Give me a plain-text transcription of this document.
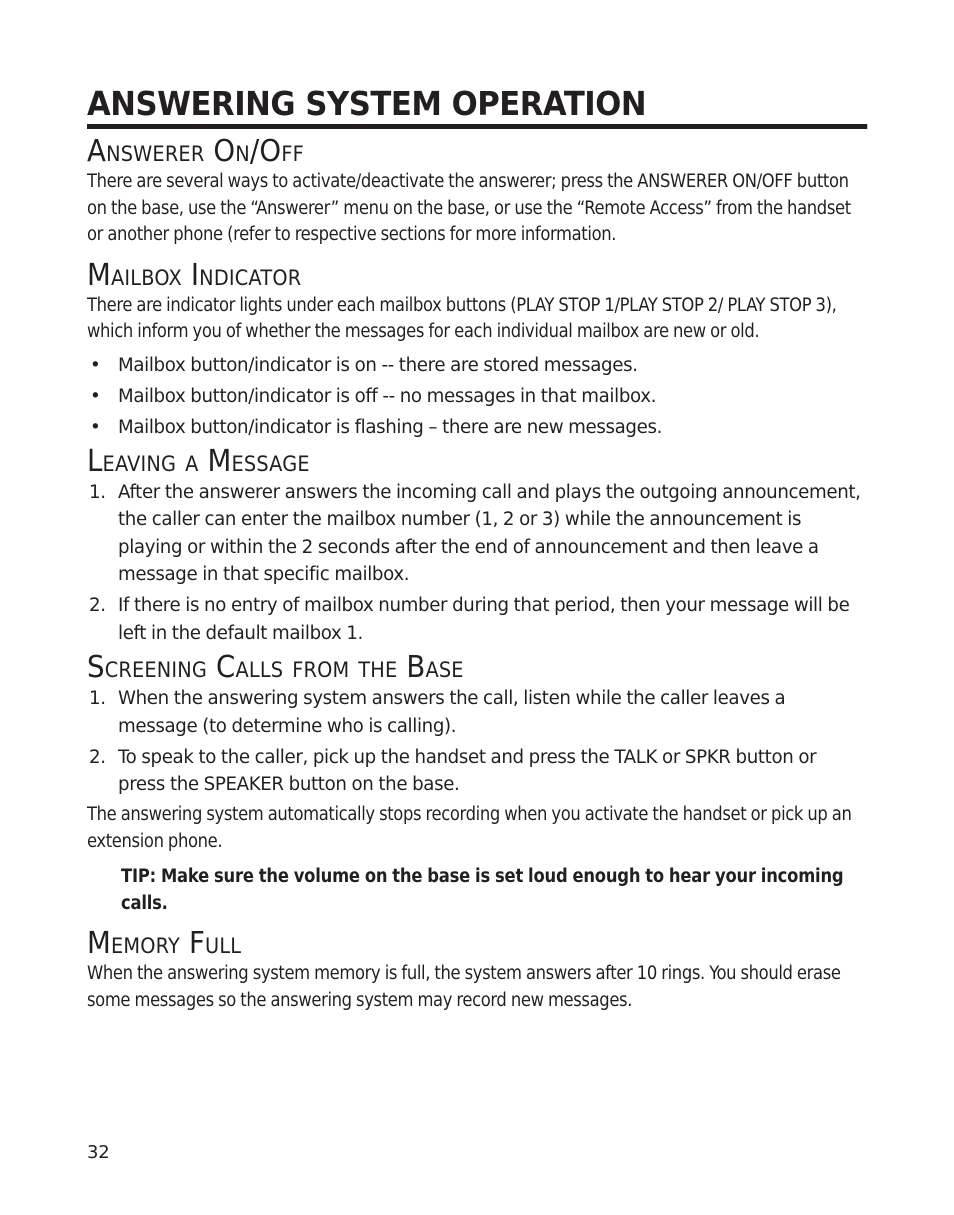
ANSWERING SYSTEM OPERATION
Answerer On/Off

There are several ways to activate/deactivate the answerer; press the ANSWERER ON/OFF button on the base, use the “Answerer” menu on the base, or use the “Remote Access” from the handset or another phone (refer to respective sections for more information.

Mailbox Indicator

There are indicator lights under each mailbox buttons (PLAY STOP 1/PLAY STOP 2/ PLAY STOP 3), which inform you of whether the messages for each individual mailbox are new or old.

• Mailbox button/indicator is on -- there are stored messages.
• Mailbox button/indicator is off -- no messages in that mailbox.
• Mailbox button/indicator is flashing – there are new messages.
Leaving a Message
1. After the answerer answers the incoming call and plays the outgoing announcement, the caller can enter the mailbox number (1, 2 or 3) while the announcement is playing or within the 2 seconds after the end of announcement and then leave a message in that specific mailbox.
2. If there is no entry of mailbox number during that period, then your message will be left in the default mailbox 1.
Screening Calls from the Base
1. When the answering system answers the call, listen while the caller leaves a message (to determine who is calling).
2. To speak to the caller, pick up the handset and press the TALK or SPKR button or press the SPEAKER button on the base.

The answering system automatically stops recording when you activate the handset or pick up an extension phone.

TIP: Make sure the volume on the base is set loud enough to hear your incoming calls.

Memory Full

When the answering system memory is full, the system answers after 10 rings. You should erase some messages so the answering system may record new messages.

32
